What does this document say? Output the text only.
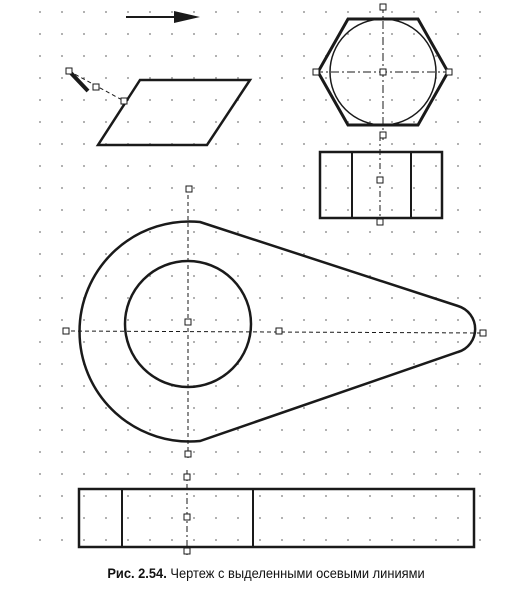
Рис. 2.54. Чертеж с выделенными осевыми линиями
